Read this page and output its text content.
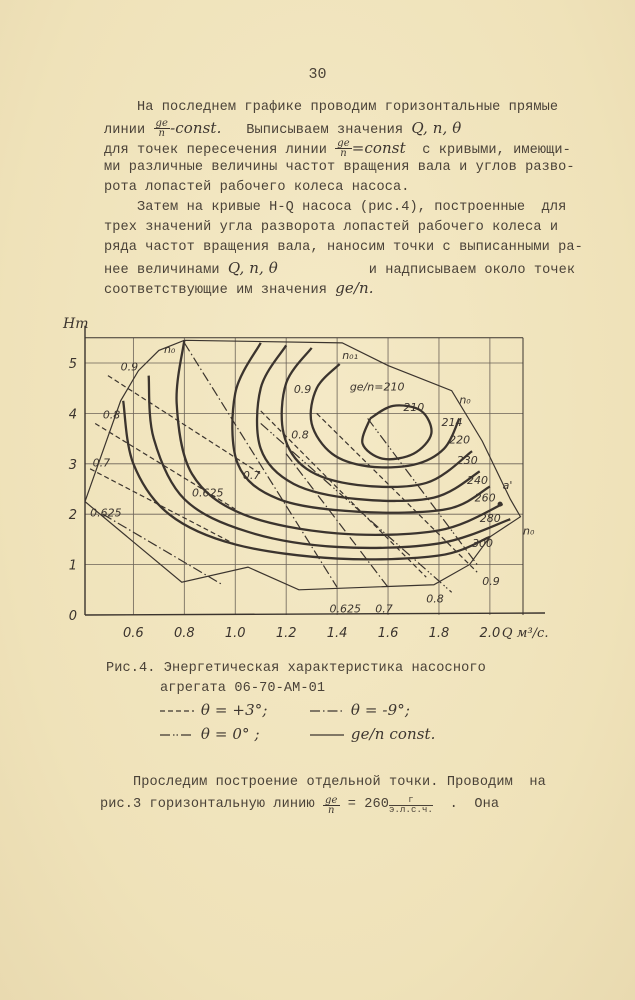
30
На последнем графике проводим горизонтальные прямые
линии $\frac{gе}{n}$ -const.   Выписываем значения Q, n, θ
для точек пересечения линии $\frac{gе}{n}$ =const  с кривыми, имеющи-
ми различные величины частот вращения вала и углов разво-
рота лопастей рабочего колеса насоса.
Затем на кривые H-Q насоса (рис.4), построенные  для
трех значений угла разворота лопастей рабочего колеса и
ряда частот вращения вала, наносим точки с выписанными ра-
нее величинами Q, n, θ           и надписываем около точек
соответствующие им значения gе/n.
0.6 0.8 1.0 1.2 1.4 1.6 1.8 2.0
0
1
2
3
4
5
Hm
Q м³/с.
gе/n=210
n₀	n₀₁
n₀
n₀
a'
0.9
0.8
0.7
0.625
0.9
0.8
0.7
0.625
0.625 0.7
0.8
0.9
210
214
220
230
240
260
280
300
Рис.4. Энергетическая характеристика насосного
агрегата 06-70-АМ-01
θ = +3°;	θ = -9°;
θ = 0° ;	gе/n const.
Проследим построение отдельной точки. Проводим  на
рис.3 горизонтальную линию $\frac{gе}{n} = 260 \frac{г}{э.л.с.ч.}$ .  Она
